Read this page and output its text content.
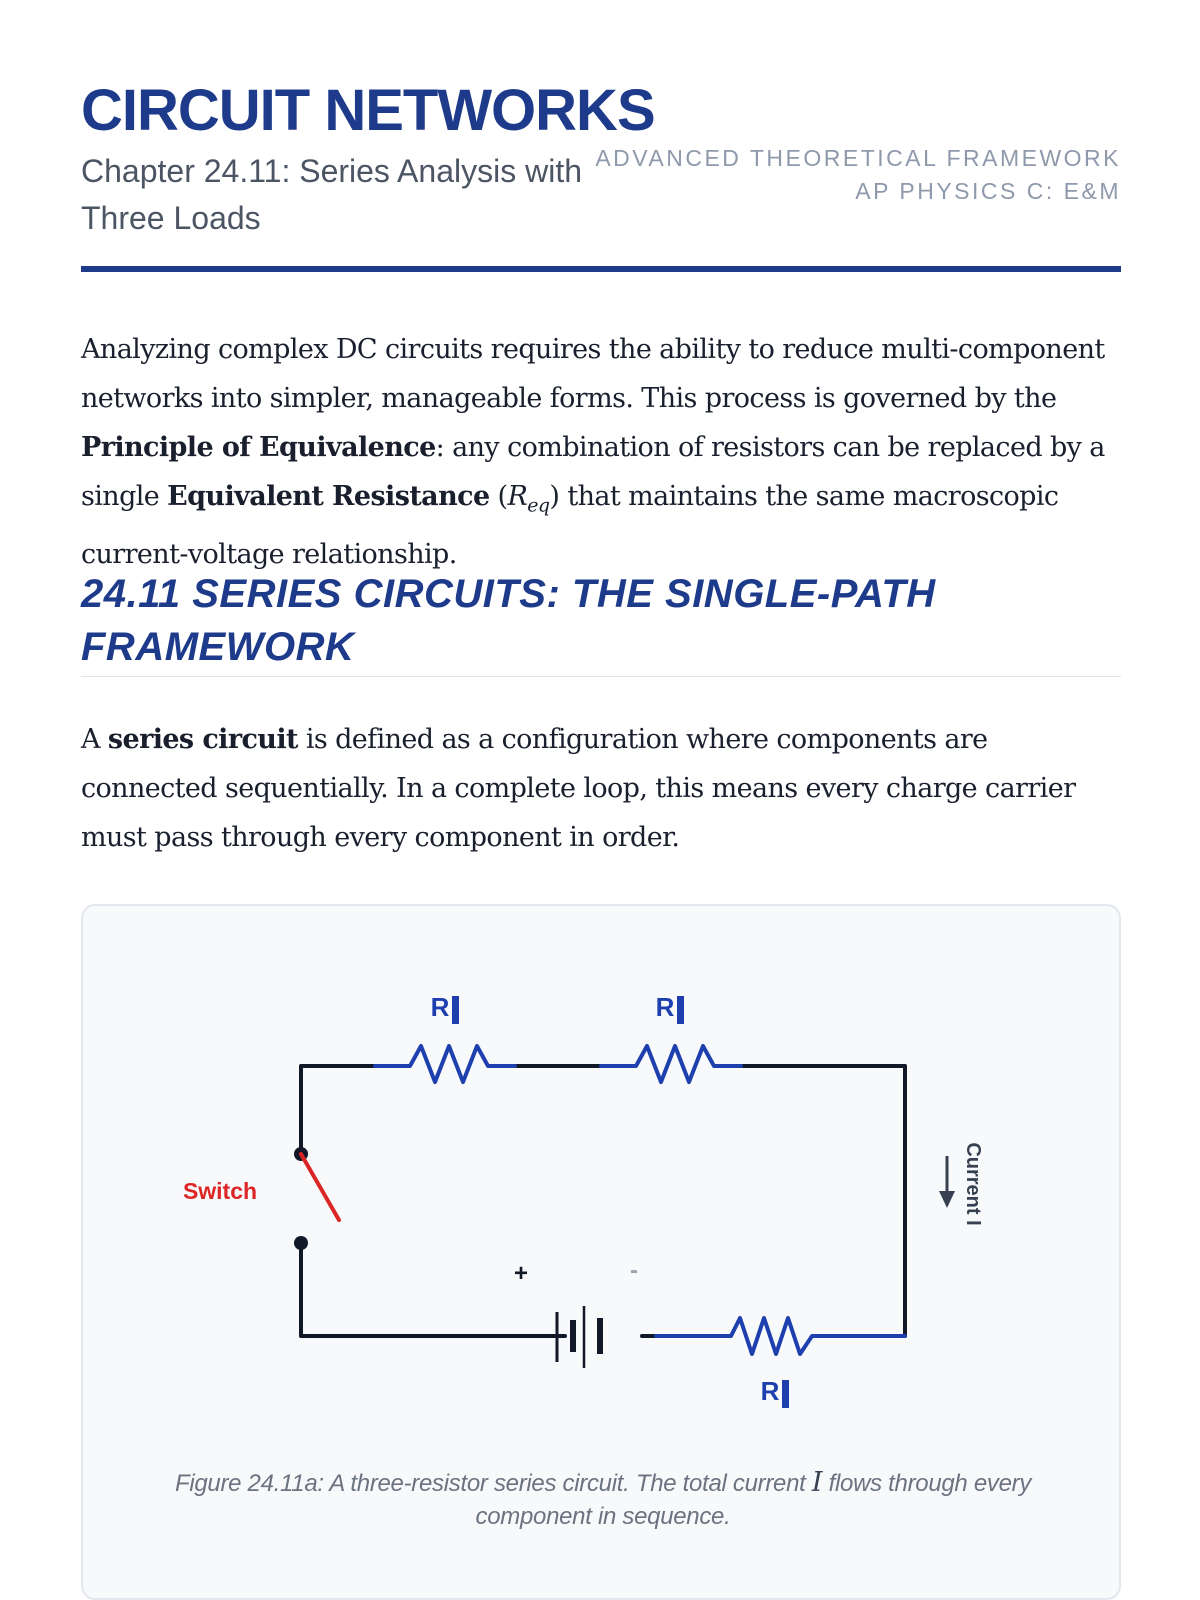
CIRCUIT NETWORKS
Chapter 24.11: Series Analysis with Three Loads
ADVANCED THEORETICAL FRAMEWORK
AP PHYSICS C: E&M

Analyzing complex DC circuits requires the ability to reduce multi-component networks into simpler, manageable forms. This process is governed by the Principle of Equivalence: any combination of resistors can be replaced by a single Equivalent Resistance $(R_{eq})$ that maintains the same macroscopic current-voltage relationship.

24.11 SERIES CIRCUITS: THE SINGLE-PATH FRAMEWORK

A series circuit is defined as a configuration where components are connected sequentially. In a complete loop, this means every charge carrier must pass through every component in order.

R	R
R
Switch
+	-
Current I
Figure 24.11a: A three-resistor series circuit. The total current I flows through every component in sequence.
